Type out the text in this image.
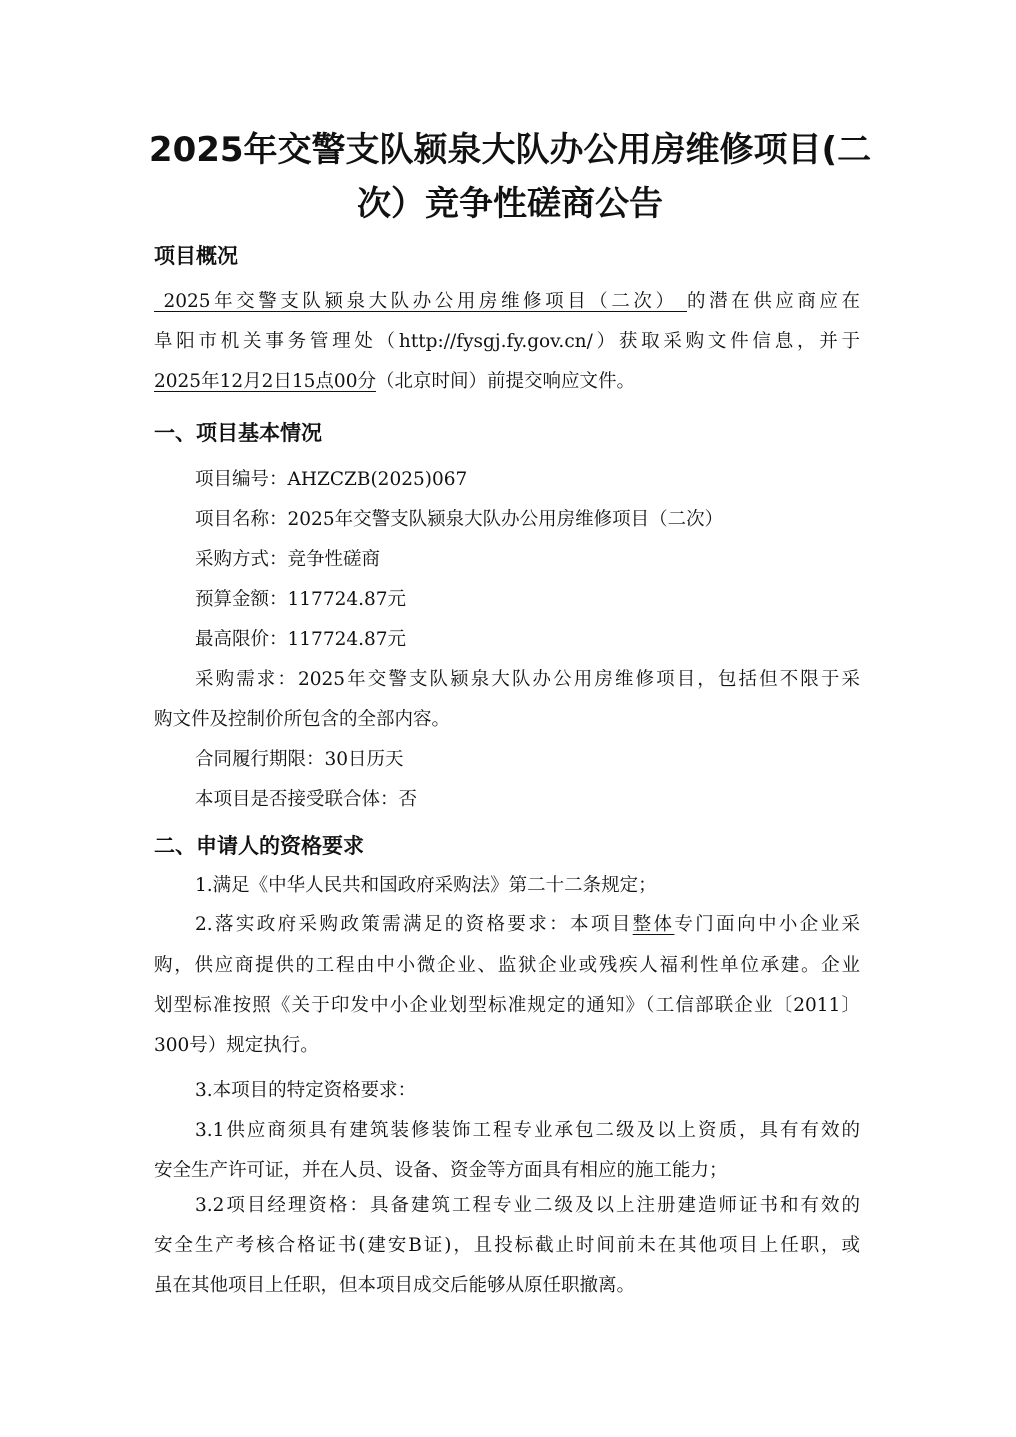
2025年交警支队颍泉大队办公用房维修项目(二
次）竞争性磋商公告
项目概况
2025年交警支队颍泉大队办公用房维修项目（二次） 的潜在供应商应在
阜阳市机关事务管理处（http://fysgj.fy.gov.cn/）获取采购文件信息，并于
2025年12月2日15点00分（北京时间）前提交响应文件。
一、项目基本情况
项目编号：AHZCZB(2025)067
项目名称：2025年交警支队颍泉大队办公用房维修项目（二次）
采购方式：竞争性磋商
预算金额：117724.87元
最高限价：117724.87元
采购需求：2025年交警支队颍泉大队办公用房维修项目，包括但不限于采
购文件及控制价所包含的全部内容。
合同履行期限：30日历天
本项目是否接受联合体：否
二、申请人的资格要求
1.满足《中华人民共和国政府采购法》第二十二条规定；
2.落实政府采购政策需满足的资格要求：本项目整体专门面向中小企业采
购，供应商提供的工程由中小微企业、监狱企业或残疾人福利性单位承建。企业
划型标准按照《关于印发中小企业划型标准规定的通知》（工信部联企业〔2011〕
300号）规定执行。
3.本项目的特定资格要求：
3.1供应商须具有建筑装修装饰工程专业承包二级及以上资质，具有有效的
安全生产许可证，并在人员、设备、资金等方面具有相应的施工能力；
3.2项目经理资格：具备建筑工程专业二级及以上注册建造师证书和有效的
安全生产考核合格证书(建安B证)，且投标截止时间前未在其他项目上任职，或
虽在其他项目上任职，但本项目成交后能够从原任职撤离。
